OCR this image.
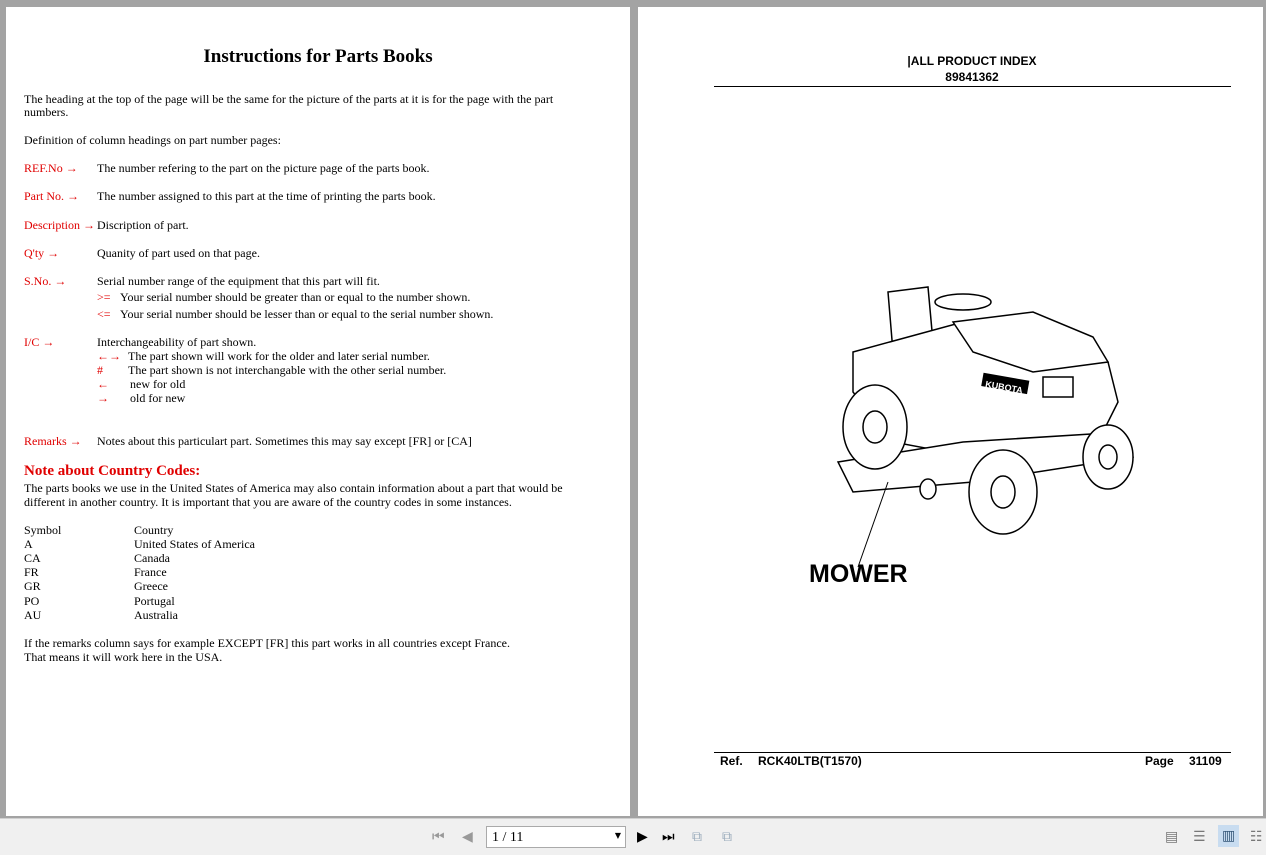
Instructions for Parts Books
The heading at the top of the page will be the same for the picture of the parts at it is for the page with the part
numbers.
Definition of column headings on part number pages:
REF.No → The number refering to the part on the picture page of the parts book.
Part No. → The number assigned to this part at the time of printing the parts book.
Description → Discription of part.
Q'ty →	Quanity of part used on that page.
S.No. →	Serial number range of the equipment that this part will fit.
>= Your serial number should be greater than or equal to the number shown.
<= Your serial number should be lesser than or equal to the serial number shown.
I/C →	Interchangeability of part shown.
←→ The part shown will work for the older and later serial number.
# The part shown is not interchangable with the other serial number.
← new for old
→ old for new
Remarks → Notes about this particulart part. Sometimes this may say except [FR] or [CA]
Note about Country Codes:
The parts books we use in the United States of America may also contain information about a part that would be
different in another country. It is important that you are aware of the country codes in some instances.
Symbol	Country
A	United States of America
CA	Canada
FR	France
GR	Greece
PO	Portugal
AU	Australia
If the remarks column says for example EXCEPT [FR] this part works in all countries except France.
That means it will work here in the USA.
|ALL PRODUCT INDEX
89841362
KUBOTA
MOWER
Ref. RCK40LTB(T1570)	Page 31109
⏮ ◀ 1 / 11	▼ ▶ ⏭ ⧉ ⧉	▤ ☰ ▥ ☷
